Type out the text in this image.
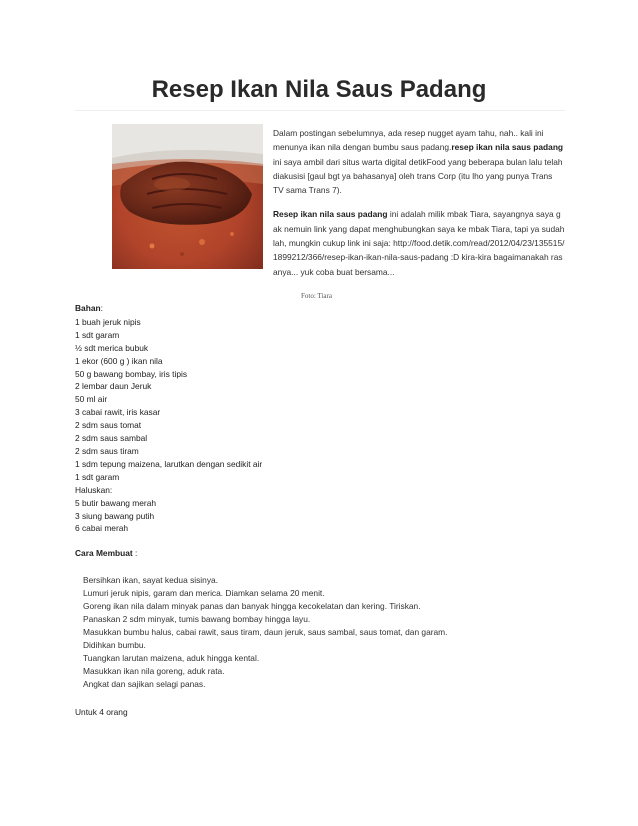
Resep Ikan Nila Saus Padang

Dalam postingan sebelumnya, ada resep nugget ayam tahu, nah.. kali ini menunya ikan nila dengan bumbu saus padang.resep ikan nila saus padang ini saya ambil dari situs warta digital detikFood yang beberapa bulan lalu telah diakusisi [gaul bgt ya bahasanya] oleh trans Corp (itu lho yang punya Trans TV sama Trans 7).

Resep ikan nila saus padang ini adalah milik mbak Tiara, sayangnya saya gak nemuin link yang dapat menghubungkan saya ke mbak Tiara, tapi ya sudahlah, mungkin cukup link ini saja: http://food.detik.com/read/2012/04/23/135515/1899212/366/resep-ikan-ikan-nila-saus-padang :D kira-kira bagaimanakah rasanya... yuk coba buat bersama...

Foto: Tiara
Bahan:
1 buah jeruk nipis
1 sdt garam
½ sdt merica bubuk
1 ekor (600 g ) ikan nila
50 g bawang bombay, iris tipis
2 lembar daun Jeruk
50 ml air
3 cabai rawit, iris kasar
2 sdm saus tomat
2 sdm saus sambal
2 sdm saus tiram
1 sdm tepung maizena, larutkan dengan sedikit air
1 sdt garam
Haluskan:
5 butir bawang merah
3 siung bawang putih
6 cabai merah
Cara Membuat :
Bersihkan ikan, sayat kedua sisinya.
Lumuri jeruk nipis, garam dan merica. Diamkan selama 20 menit.
Goreng ikan nila dalam minyak panas dan banyak hingga kecokelatan dan kering. Tiriskan.
Panaskan 2 sdm minyak, tumis bawang bombay hingga layu.
Masukkan bumbu halus, cabai rawit, saus tiram, daun jeruk, saus sambal, saus tomat, dan garam.
Didihkan bumbu.
Tuangkan larutan maizena, aduk hingga kental.
Masukkan ikan nila goreng, aduk rata.
Angkat dan sajikan selagi panas.
Untuk 4 orang
